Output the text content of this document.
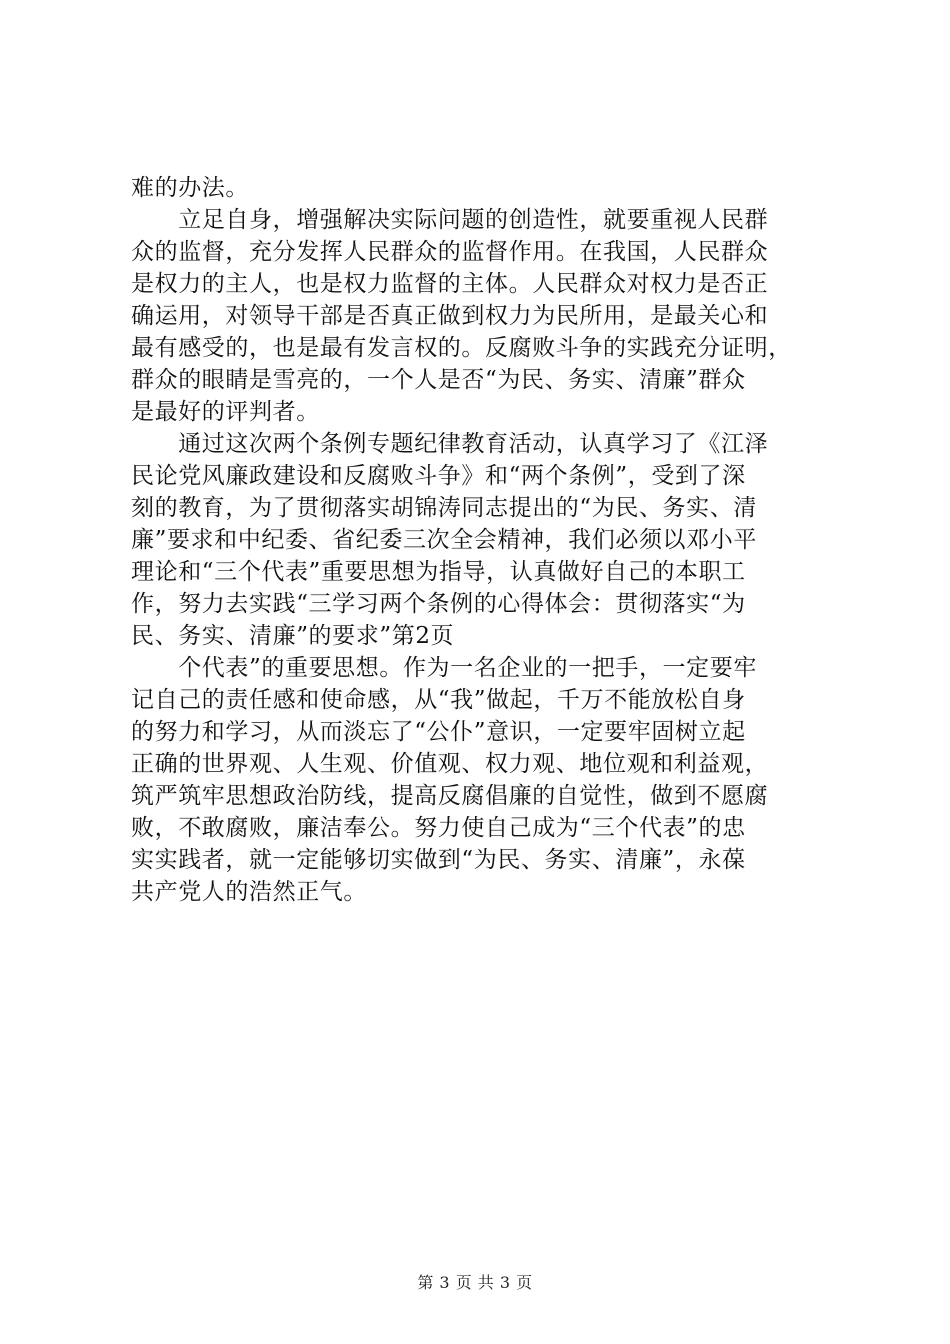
难的办法。
　　立足自身，增强解决实际问题的创造性，就要重视人民群
众的监督，充分发挥人民群众的监督作用。在我国，人民群众
是权力的主人，也是权力监督的主体。人民群众对权力是否正
确运用，对领导干部是否真正做到权力为民所用，是最关心和
最有感受的，也是最有发言权的。反腐败斗争的实践充分证明，
群众的眼睛是雪亮的，一个人是否“为民、务实、清廉”群众
是最好的评判者。
　　通过这次两个条例专题纪律教育活动，认真学习了《江泽
民论党风廉政建设和反腐败斗争》和“两个条例”，受到了深
刻的教育，为了贯彻落实胡锦涛同志提出的“为民、务实、清
廉”要求和中纪委、省纪委三次全会精神，我们必须以邓小平
理论和“三个代表”重要思想为指导，认真做好自己的本职工
作，努力去实践“三学习两个条例的心得体会：贯彻落实“为
民、务实、清廉”的要求”第2页
　　个代表”的重要思想。作为一名企业的一把手，一定要牢
记自己的责任感和使命感，从“我”做起，千万不能放松自身
的努力和学习，从而淡忘了“公仆”意识，一定要牢固树立起
正确的世界观、人生观、价值观、权力观、地位观和利益观，
筑严筑牢思想政治防线，提高反腐倡廉的自觉性，做到不愿腐
败，不敢腐败，廉洁奉公。努力使自己成为“三个代表”的忠
实实践者，就一定能够切实做到“为民、务实、清廉”，永葆
共产党人的浩然正气。

第 3 页 共 3 页
